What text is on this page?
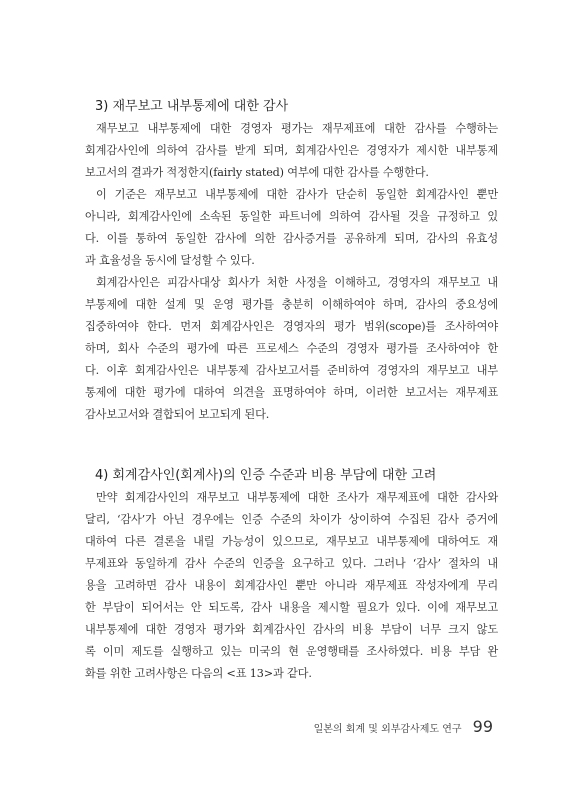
3) 재무보고 내부통제에 대한 감사
재무보고 내부통제에 대한 경영자 평가는 재무제표에 대한 감사를 수행하는
회계감사인에 의하여 감사를 받게 되며, 회계감사인은 경영자가 제시한 내부통제
보고서의 결과가 적정한지(fairly stated) 여부에 대한 감사를 수행한다.
이 기준은 재무보고 내부통제에 대한 감사가 단순히 동일한 회계감사인 뿐만
아니라, 회계감사인에 소속된 동일한 파트너에 의하여 감사될 것을 규정하고 있
다. 이를 통하여 동일한 감사에 의한 감사증거를 공유하게 되며, 감사의 유효성
과 효율성을 동시에 달성할 수 있다.
회계감사인은 피감사대상 회사가 처한 사정을 이해하고, 경영자의 재무보고 내
부통제에 대한 설계 및 운영 평가를 충분히 이해하여야 하며, 감사의 중요성에
집중하여야 한다. 먼저 회계감사인은 경영자의 평가 범위(scope)를 조사하여야
하며, 회사 수준의 평가에 따른 프로세스 수준의 경영자 평가를 조사하여야 한
다. 이후 회계감사인은 내부통제 감사보고서를 준비하여 경영자의 재무보고 내부
통제에 대한 평가에 대하여 의견을 표명하여야 하며, 이러한 보고서는 재무제표
감사보고서와 결합되어 보고되게 된다.
4) 회계감사인(회계사)의 인증 수준과 비용 부담에 대한 고려
만약 회계감사인의 재무보고 내부통제에 대한 조사가 재무제표에 대한 감사와
달리, ‘감사’가 아닌 경우에는 인증 수준의 차이가 상이하여 수집된 감사 증거에
대하여 다른 결론을 내릴 가능성이 있으므로, 재무보고 내부통제에 대하여도 재
무제표와 동일하게 감사 수준의 인증을 요구하고 있다. 그러나 ‘감사’ 절차의 내
용을 고려하면 감사 내용이 회계감사인 뿐만 아니라 재무제표 작성자에게 무리
한 부담이 되어서는 안 되도록, 감사 내용을 제시할 필요가 있다. 이에 재무보고
내부통제에 대한 경영자 평가와 회계감사인 감사의 비용 부담이 너무 크지 않도
록 이미 제도를 실행하고 있는 미국의 현 운영행태를 조사하였다. 비용 부담 완
화를 위한 고려사항은 다음의 <표 13>과 같다.
일본의 회계 및 외부감사제도 연구 99
